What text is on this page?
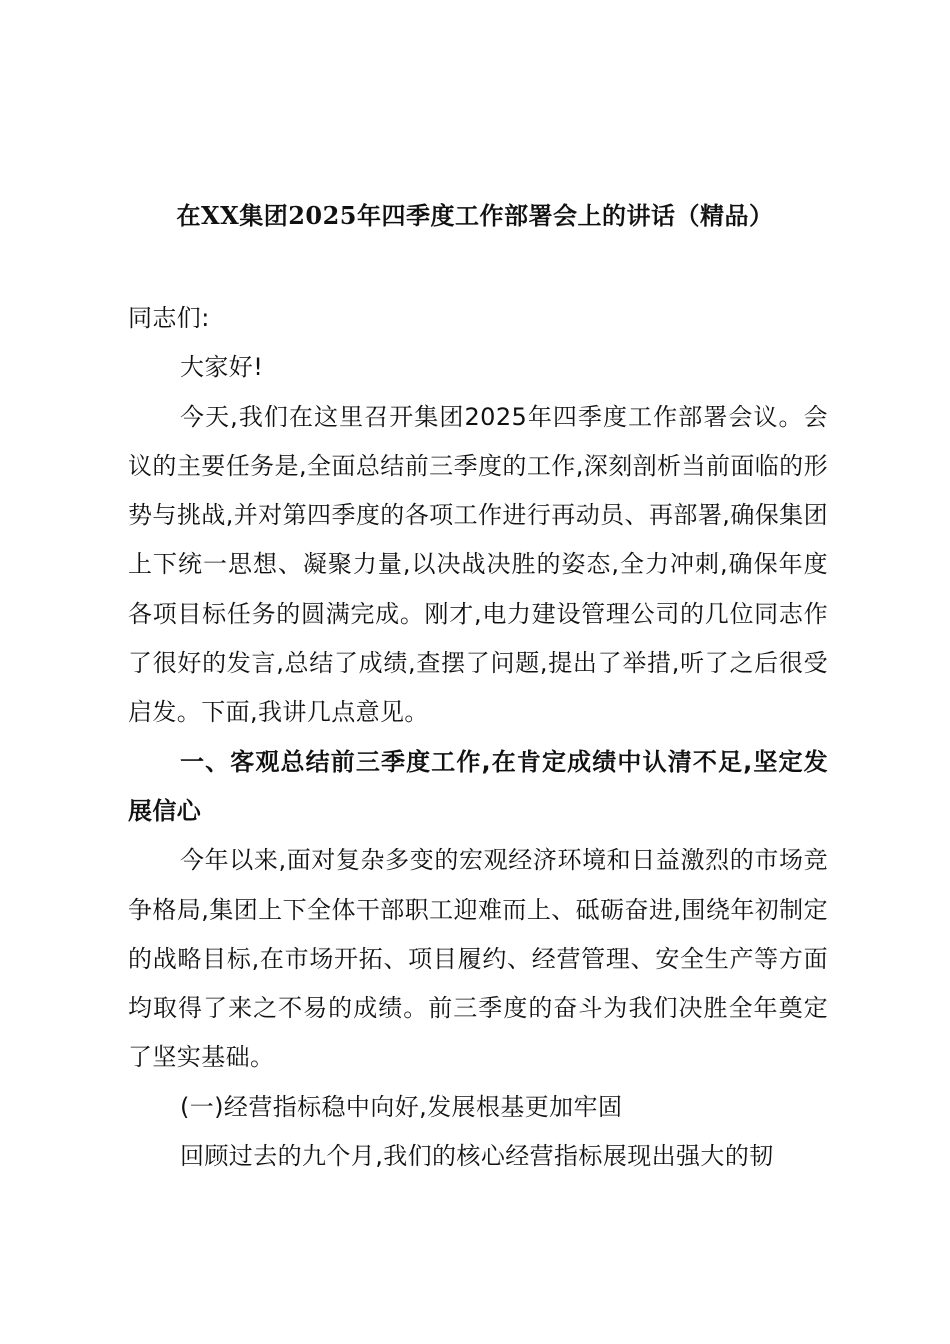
在XX集团2025年四季度工作部署会上的讲话（精品）

同志们:

大家好!

今天,我们在这里召开集团2025年四季度工作部署会议。会议的主要任务是,全面总结前三季度的工作,深刻剖析当前面临的形势与挑战,并对第四季度的各项工作进行再动员、再部署,确保集团上下统一思想、凝聚力量,以决战决胜的姿态,全力冲刺,确保年度各项目标任务的圆满完成。刚才,电力建设管理公司的几位同志作了很好的发言,总结了成绩,查摆了问题,提出了举措,听了之后很受启发。下面,我讲几点意见。

一、客观总结前三季度工作,在肯定成绩中认清不足,坚定发展信心

今年以来,面对复杂多变的宏观经济环境和日益激烈的市场竞争格局,集团上下全体干部职工迎难而上、砥砺奋进,围绕年初制定的战略目标,在市场开拓、项目履约、经营管理、安全生产等方面均取得了来之不易的成绩。前三季度的奋斗为我们决胜全年奠定了坚实基础。

(一)经营指标稳中向好,发展根基更加牢固

回顾过去的九个月,我们的核心经营指标展现出强大的韧
